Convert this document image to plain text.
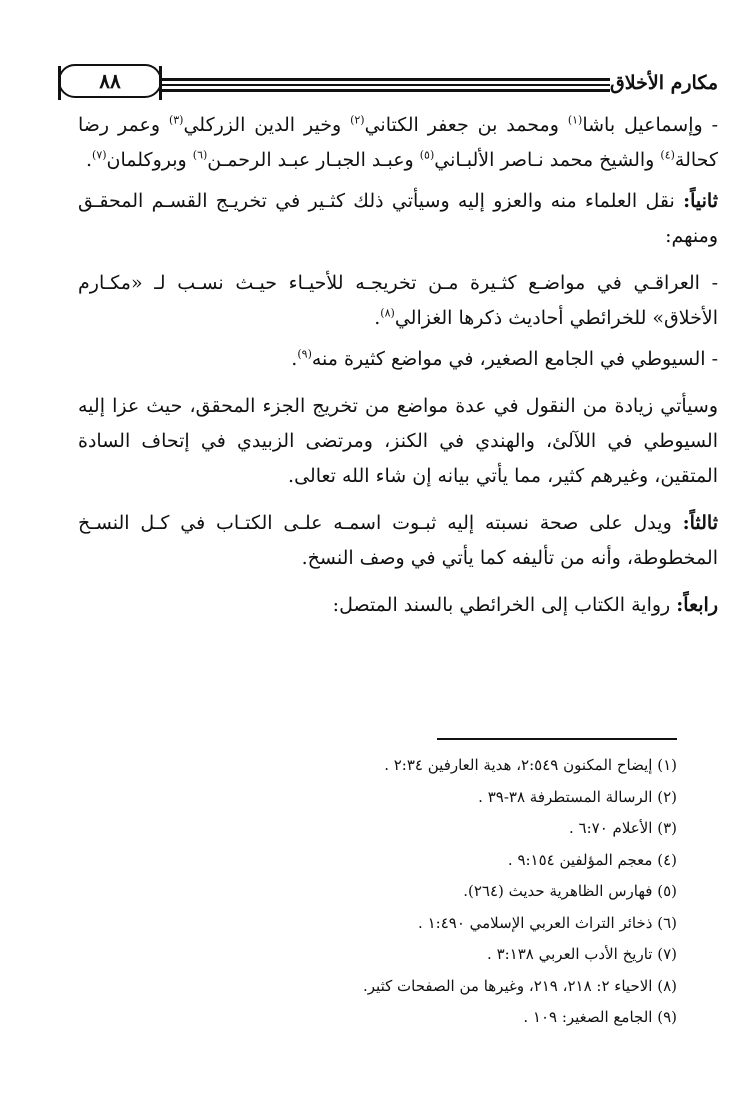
مكارم الأخلاق
٨٨

- وإسماعيل باشا$^{(١)}$ ومحمد بن جعفر الكتاني$^{(٢)}$ وخير الدين الزركلي$^{(٣)}$ وعمر رضا كحالة$^{(٤)}$ والشيخ محمد نـاصر الألبـاني$^{(٥)}$ وعبـد الجبـار عبـد الرحمـن$^{(٦)}$ وبروكلمان$^{(٧)}$.

ثانياً: نقل العلماء منه والعزو إليه وسيأتي ذلك كثـير في تخريـج القسـم المحقـق ومنهم:

- العراقـي في مواضـع كثـيرة مـن تخريجـه للأحيـاء حيـث نسـب لـ «مكـارم الأخلاق» للخرائطي أحاديث ذكرها الغزالي$^{(٨)}$.

- السيوطي في الجامع الصغير، في مواضع كثيرة منه$^{(٩)}$.

وسيأتي زيادة من النقول في عدة مواضع من تخريج الجزء المحقق، حيث عزا إليه السيوطي في اللآلئ، والهندي في الكنز، ومرتضى الزبيدي في إتحاف السادة المتقين، وغيرهم كثير، مما يأتي بيانه إن شاء الله تعالى.

ثالثاً: ويدل على صحة نسبته إليه ثبـوت اسمـه علـى الكتـاب في كـل النسـخ المخطوطة، وأنه من تأليفه كما يأتي في وصف النسخ.

رابعاً: رواية الكتاب إلى الخرائطي بالسند المتصل:

(١) إيضاح المكنون ٢:٥٤٩، هدية العارفين ٢:٣٤ .
(٢) الرسالة المستطرفة ٣٨-٣٩ .
(٣) الأعلام ٦:٧٠ .
(٤) معجم المؤلفين ٩:١٥٤ .
(٥) فهارس الظاهرية حديث (٢٦٤).
(٦) ذخائر التراث العربي الإسلامي ١:٤٩٠ .
(٧) تاريخ الأدب العربي ٣:١٣٨ .
(٨) الاحياء ٢: ٢١٨، ٢١٩، وغيرها من الصفحات كثير.
(٩) الجامع الصغير: ١٠٩ .
